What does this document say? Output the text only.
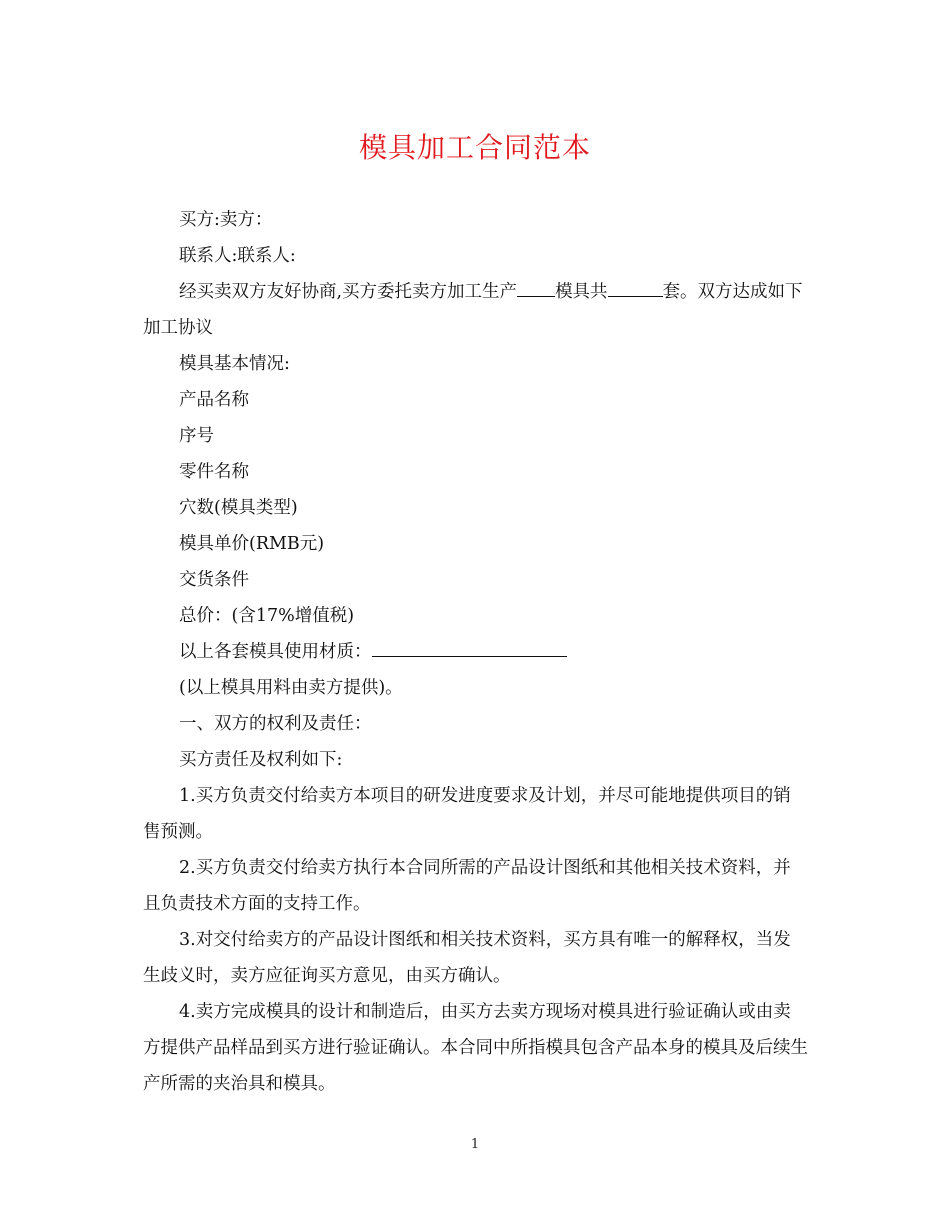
模具加工合同范本

买方:卖方：

联系人:联系人:

经买卖双方友好协商,买方委托卖方加工生产 模具共	套。双方达成如下加工协议

模具基本情况:

产品名称

序号

零件名称

穴数(模具类型)

模具单价(RMB元)

交货条件

总价：(含17%增值税)

以上各套模具使用材质：

(以上模具用料由卖方提供)。

一、双方的权利及责任：

买方责任及权利如下:

1.买方负责交付给卖方本项目的研发进度要求及计划，并尽可能地提供项目的销售预测。

2.买方负责交付给卖方执行本合同所需的产品设计图纸和其他相关技术资料，并且负责技术方面的支持工作。

3.对交付给卖方的产品设计图纸和相关技术资料，买方具有唯一的解释权，当发生歧义时，卖方应征询买方意见，由买方确认。

4.卖方完成模具的设计和制造后，由买方去卖方现场对模具进行验证确认或由卖方提供产品样品到买方进行验证确认。本合同中所指模具包含产品本身的模具及后续生产所需的夹治具和模具。

1
